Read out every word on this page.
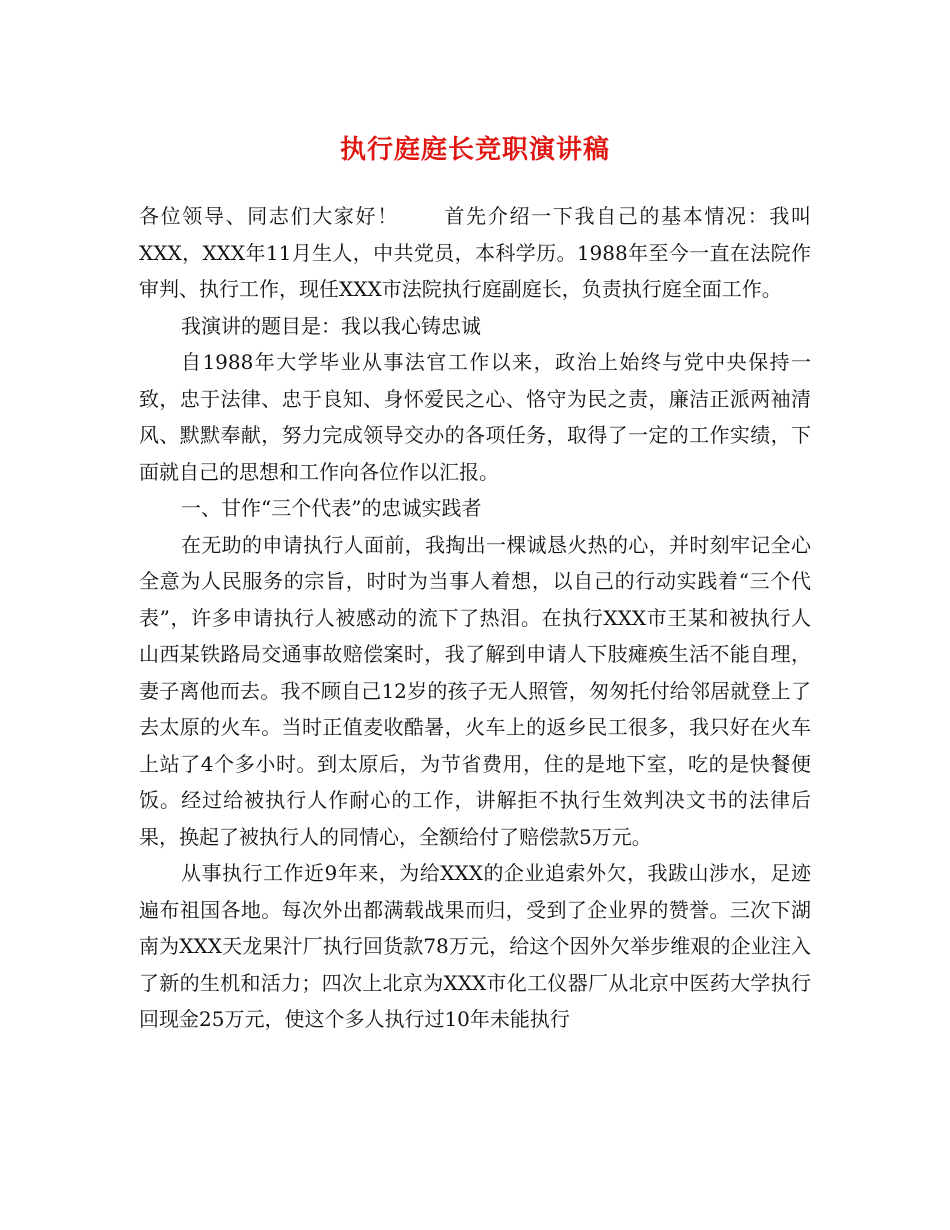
执行庭庭长竞职演讲稿

各位领导、同志们大家好！ 首先介绍一下我自己的基本情况：我叫XXX，XXX年11月生人，中共党员，本科学历。1988年至今一直在法院作审判、执行工作，现任XXX市法院执行庭副庭长，负责执行庭全面工作。

我演讲的题目是：我以我心铸忠诚

自1988年大学毕业从事法官工作以来，政治上始终与党中央保持一致，忠于法律、忠于良知、身怀爱民之心、恪守为民之责，廉洁正派两袖清风、默默奉献，努力完成领导交办的各项任务，取得了一定的工作实绩，下面就自己的思想和工作向各位作以汇报。

一、甘作“三个代表”的忠诚实践者

在无助的申请执行人面前，我掏出一棵诚恳火热的心，并时刻牢记全心全意为人民服务的宗旨，时时为当事人着想，以自己的行动实践着“三个代表”，许多申请执行人被感动的流下了热泪。在执行XXX市王某和被执行人山西某铁路局交通事故赔偿案时，我了解到申请人下肢瘫痪生活不能自理，妻子离他而去。我不顾自己12岁的孩子无人照管，匆匆托付给邻居就登上了去太原的火车。当时正值麦收酷暑，火车上的返乡民工很多，我只好在火车上站了4个多小时。到太原后，为节省费用，住的是地下室，吃的是快餐便饭。经过给被执行人作耐心的工作，讲解拒不执行生效判决文书的法律后果，换起了被执行人的同情心，全额给付了赔偿款5万元。

从事执行工作近9年来，为给XXX的企业追索外欠，我跋山涉水，足迹遍布祖国各地。每次外出都满载战果而归，受到了企业界的赞誉。三次下湖南为XXX天龙果汁厂执行回货款78万元，给这个因外欠举步维艰的企业注入了新的生机和活力；四次上北京为XXX市化工仪器厂从北京中医药大学执行回现金25万元，使这个多人执行过10年未能执行
